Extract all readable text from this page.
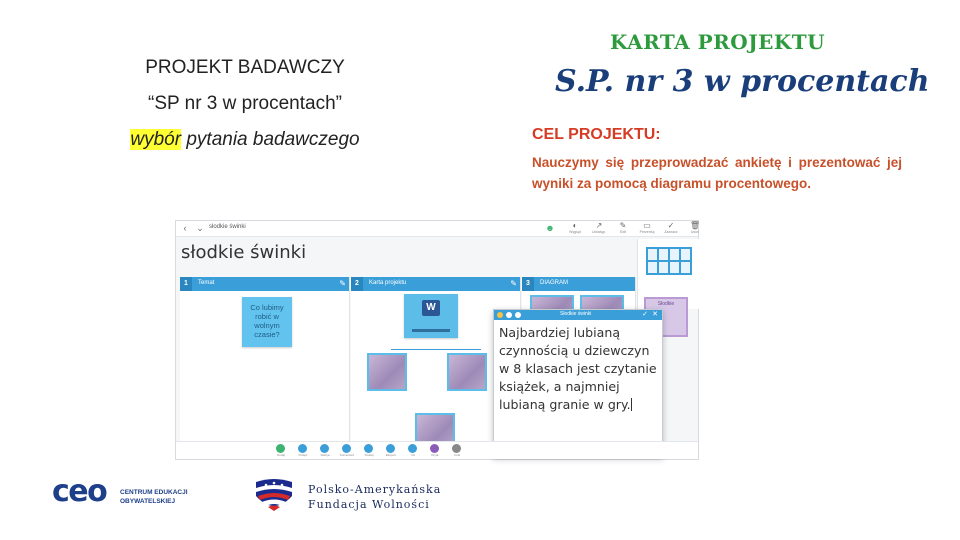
PROJEKT BADAWCZY
“SP nr 3 w procentach”
wybór pytania badawczego
KARTA PROJEKTU
S.P. nr 3 w procentach
CEL PROJEKTU:
Nauczymy się przeprowadzać ankietę i prezentować jej wyniki za pomocą diagramu procentowego.
‹	⌄ słodkie świnki	☻	◐
Wygląd
↗
Udostęp.
✎
Edit
▭
Prezentuj
✓
Zaznacz
🗑
Usuń
słodkie świnki
1	Temat	✎
Co lubimy robić w wolnym czasie?
2	Karta projektu	✎
W
3	DIAGRAM
Słodkie
Słodkie świnki	✓ ✕
Najbardziej lubianą czynnością u dziewczyn w 8 klasach jest czytanie książek, a najmniej lubianą granie w gry.
Dodaj	Połącz	Sekcja	Komentarz	Szukaj	Eksport	Oś	Użytk.	Czat
ceo CENTRUM EDUKACJI OBYWATELSKIEJ
Polsko-Amerykańska
Fundacja Wolności
